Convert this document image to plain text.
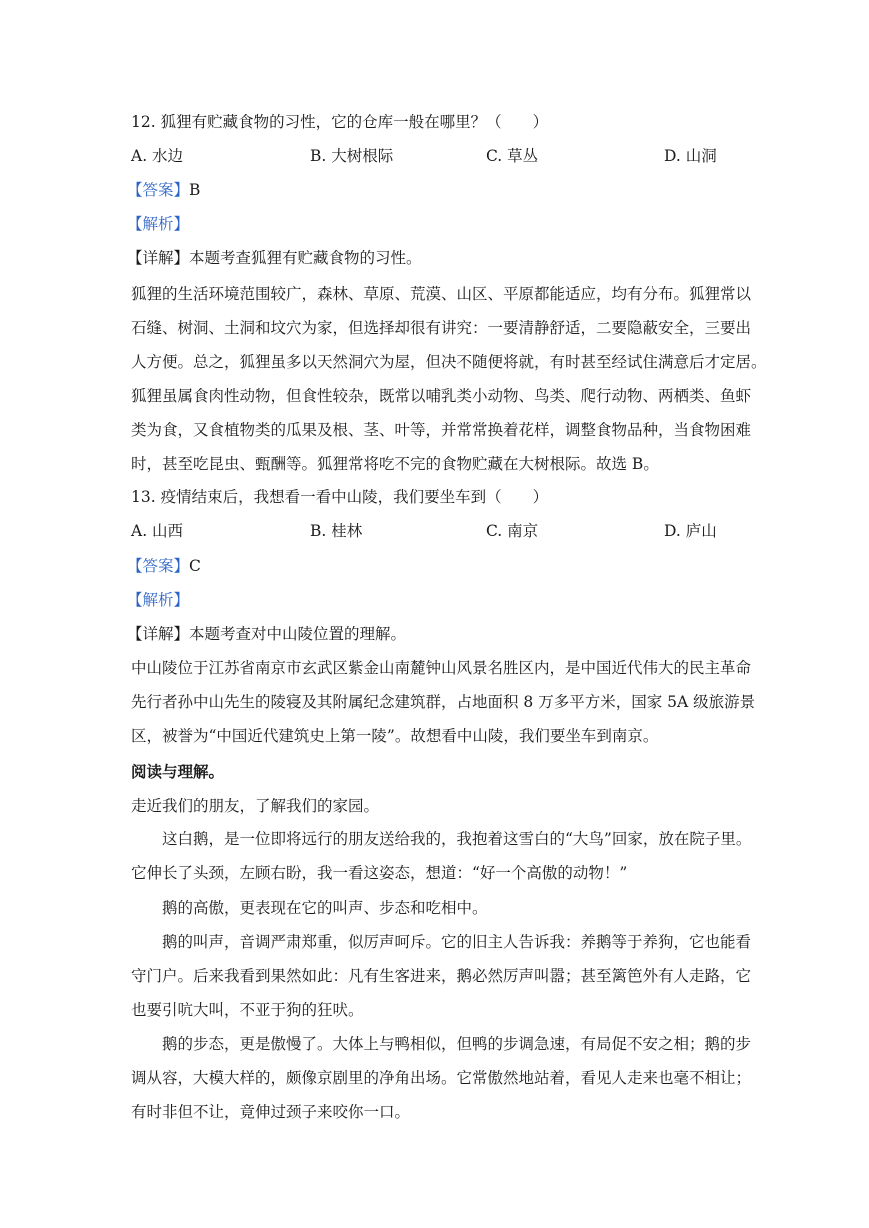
12. 狐狸有贮藏食物的习性，它的仓库一般在哪里？（　　）
A. 水边	B. 大树根际	C. 草丛	D. 山洞
【答案】B
【解析】
【详解】本题考查狐狸有贮藏食物的习性。
狐狸的生活环境范围较广，森林、草原、荒漠、山区、平原都能适应，均有分布。狐狸常以
石缝、树洞、土洞和坟穴为家，但选择却很有讲究：一要清静舒适，二要隐蔽安全，三要出
人方便。总之，狐狸虽多以天然洞穴为屋，但决不随便将就，有时甚至经试住满意后才定居。
狐狸虽属食肉性动物，但食性较杂，既常以哺乳类小动物、鸟类、爬行动物、两栖类、鱼虾
类为食，又食植物类的瓜果及根、茎、叶等，并常常换着花样，调整食物品种，当食物困难
时，甚至吃昆虫、甄酬等。狐狸常将吃不完的食物贮藏在大树根际。故选 B。
13. 疫情结束后，我想看一看中山陵，我们要坐车到（　　）
A. 山西	B. 桂林	C. 南京	D. 庐山
【答案】C
【解析】
【详解】本题考查对中山陵位置的理解。
中山陵位于江苏省南京市玄武区紫金山南麓钟山风景名胜区内，是中国近代伟大的民主革命
先行者孙中山先生的陵寝及其附属纪念建筑群，占地面积 8 万多平方米，国家 5A 级旅游景
区，被誉为“中国近代建筑史上第一陵”。故想看中山陵，我们要坐车到南京。
阅读与理解。
走近我们的朋友，了解我们的家园。
这白鹅，是一位即将远行的朋友送给我的，我抱着这雪白的“大鸟”回家，放在院子里。
它伸长了头颈，左顾右盼，我一看这姿态，想道：“好一个高傲的动物！”
鹅的高傲，更表现在它的叫声、步态和吃相中。
鹅的叫声，音调严肃郑重，似厉声呵斥。它的旧主人告诉我：养鹅等于养狗，它也能看
守门户。后来我看到果然如此：凡有生客进来，鹅必然厉声叫嚣；甚至篱笆外有人走路，它
也要引吭大叫，不亚于狗的狂吠。
鹅的步态，更是傲慢了。大体上与鸭相似，但鸭的步调急速，有局促不安之相；鹅的步
调从容，大模大样的，颇像京剧里的净角出场。它常傲然地站着，看见人走来也毫不相让；
有时非但不让，竟伸过颈子来咬你一口。
